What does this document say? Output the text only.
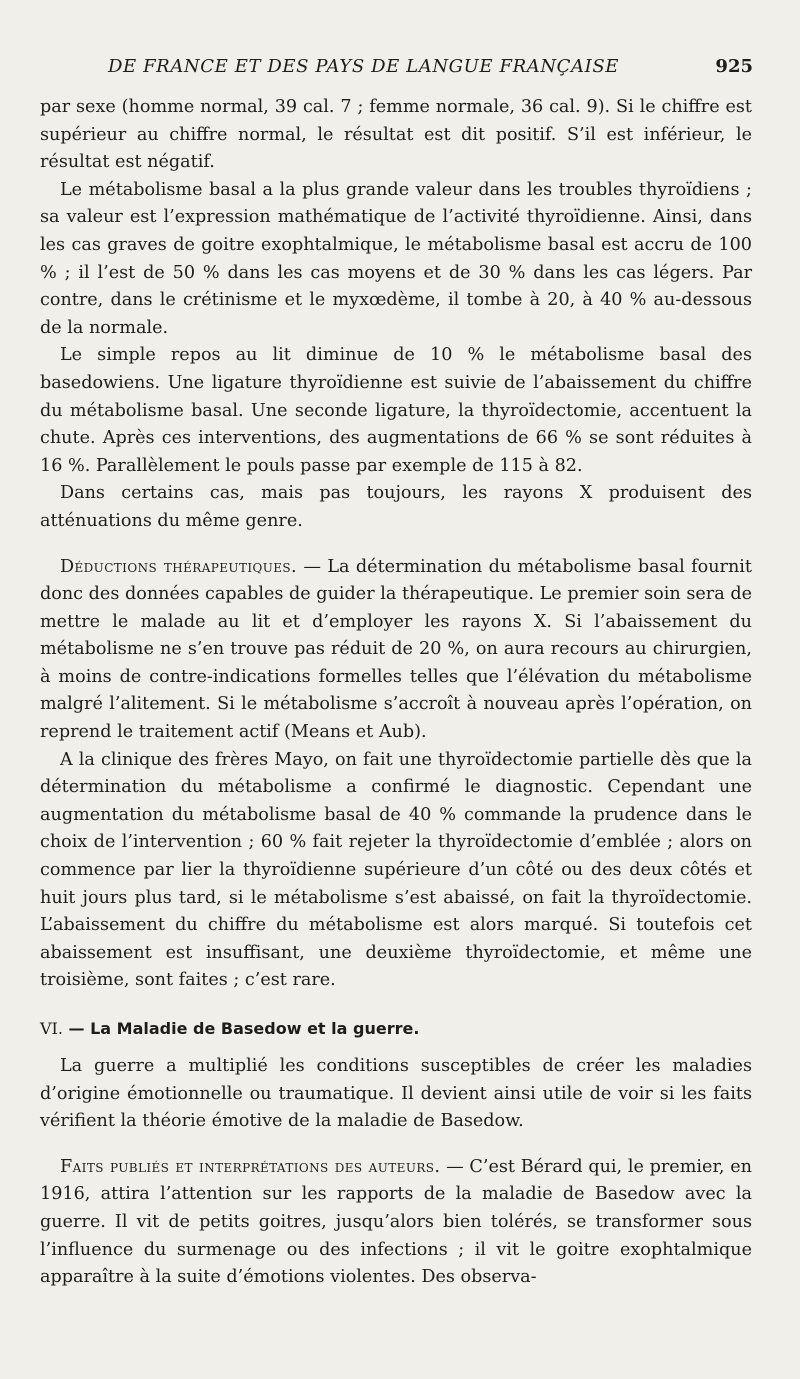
DE FRANCE ET DES PAYS DE LANGUE FRANÇAISE	925

par sexe (homme normal, 39 cal. 7 ; femme normale, 36 cal. 9). Si le chiffre est supérieur au chiffre normal, le résultat est dit positif. S’il est inférieur, le résultat est négatif.

Le métabolisme basal a la plus grande valeur dans les troubles thyroïdiens ; sa valeur est l’expression mathématique de l’activité thyroïdienne. Ainsi, dans les cas graves de goitre exophtalmique, le métabolisme basal est accru de 100 % ; il l’est de 50 % dans les cas moyens et de 30 % dans les cas légers. Par contre, dans le crétinisme et le myxœdème, il tombe à 20, à 40 % au-dessous de la normale.

Le simple repos au lit diminue de 10 % le métabolisme basal des basedowiens. Une ligature thyroïdienne est suivie de l’abaissement du chiffre du métabolisme basal. Une seconde ligature, la thyroïdectomie, accentuent la chute. Après ces interventions, des augmentations de 66 % se sont réduites à 16 %. Parallèlement le pouls passe par exemple de 115 à 82.

Dans certains cas, mais pas toujours, les rayons X produisent des atténuations du même genre.

Déductions thérapeutiques. — La détermination du métabolisme basal fournit donc des données capables de guider la thérapeutique. Le premier soin sera de mettre le malade au lit et d’employer les rayons X. Si l’abaissement du métabolisme ne s’en trouve pas réduit de 20 %, on aura recours au chirurgien, à moins de contre-indications formelles telles que l’élévation du métabolisme malgré l’alitement. Si le métabolisme s’accroît à nouveau après l’opération, on reprend le traitement actif (Means et Aub).

A la clinique des frères Mayo, on fait une thyroïdectomie partielle dès que la détermination du métabolisme a confirmé le diagnostic. Cependant une augmentation du métabolisme basal de 40 % commande la prudence dans le choix de l’intervention ; 60 % fait rejeter la thyroïdectomie d’emblée ; alors on commence par lier la thyroïdienne supérieure d’un côté ou des deux côtés et huit jours plus tard, si le métabolisme s’est abaissé, on fait la thyroïdectomie. L’abaissement du chiffre du métabolisme est alors marqué. Si toutefois cet abaissement est insuffisant, une deuxième thyroïdectomie, et même une troisième, sont faites ; c’est rare.

VI. — La Maladie de Basedow et la guerre.

La guerre a multiplié les conditions susceptibles de créer les maladies d’origine émotionnelle ou traumatique. Il devient ainsi utile de voir si les faits vérifient la théorie émotive de la maladie de Basedow.

Faits publiés et interprétations des auteurs. — C’est Bérard qui, le premier, en 1916, attira l’attention sur les rapports de la maladie de Basedow avec la guerre. Il vit de petits goitres, jusqu’alors bien tolérés, se transformer sous l’influence du surmenage ou des infections ; il vit le goitre exophtalmique apparaître à la suite d’émotions violentes. Des observa-
